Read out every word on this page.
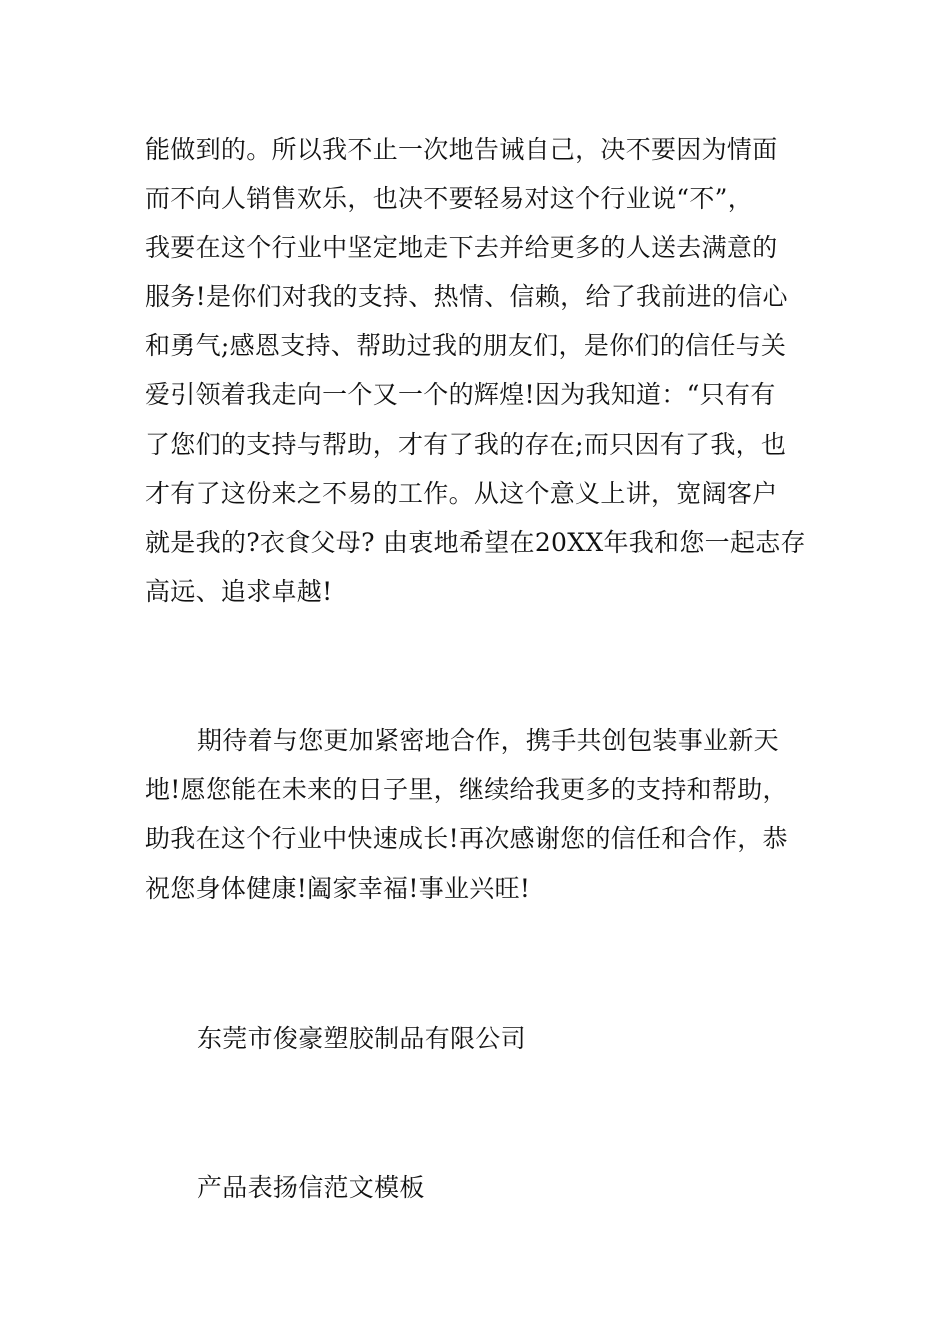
能做到的。所以我不止一次地告诫自己，决不要因为情面
而不向人销售欢乐，也决不要轻易对这个行业说“不”，
我要在这个行业中坚定地走下去并给更多的人送去满意的
服务!是你们对我的支持、热情、信赖，给了我前进的信心
和勇气;感恩支持、帮助过我的朋友们，是你们的信任与关
爱引领着我走向一个又一个的辉煌!因为我知道：“只有有
了您们的支持与帮助，才有了我的存在;而只因有了我，也
才有了这份来之不易的工作。从这个意义上讲，宽阔客户
就是我的?衣食父母? 由衷地希望在20XX年我和您一起志存
高远、追求卓越!
期待着与您更加紧密地合作，携手共创包装事业新天
地!愿您能在未来的日子里，继续给我更多的支持和帮助，
助我在这个行业中快速成长!再次感谢您的信任和合作，恭
祝您身体健康!阖家幸福!事业兴旺!
东莞市俊豪塑胶制品有限公司
产品表扬信范文模板
